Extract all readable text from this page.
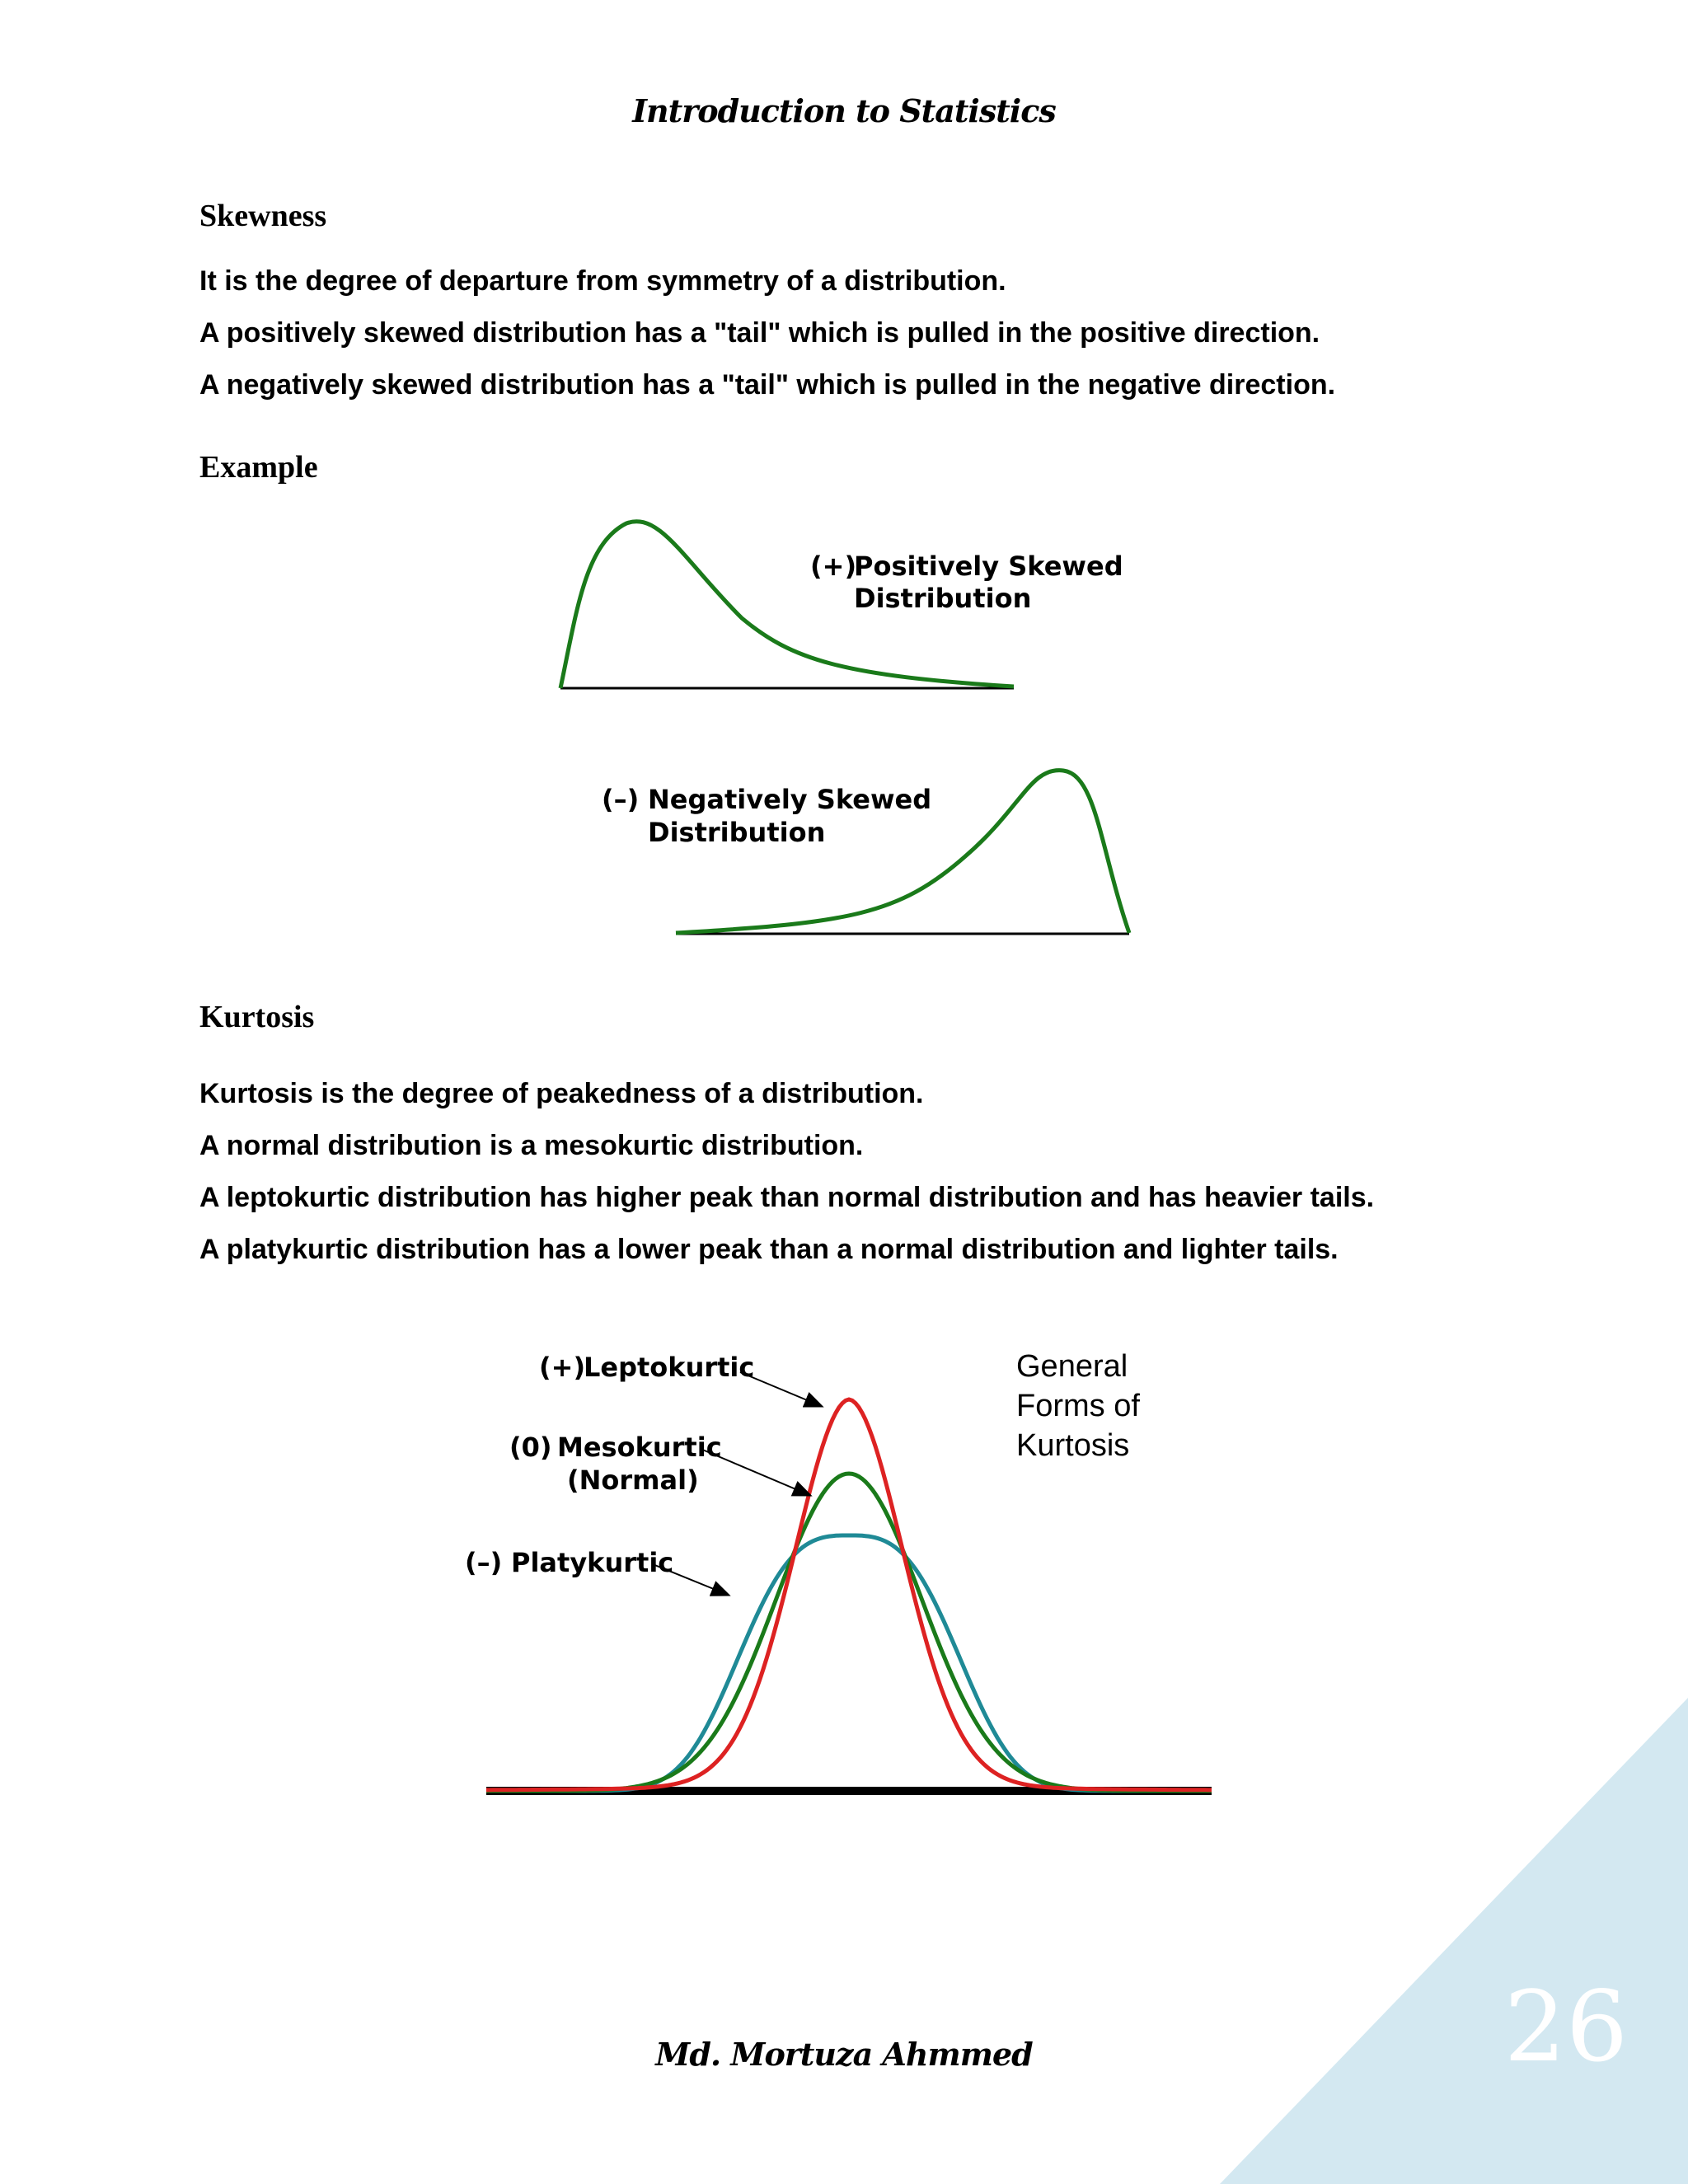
Introduction to Statistics
Skewness
It is the degree of departure from symmetry of a distribution.
A positively skewed distribution has a "tail" which is pulled in the positive direction.
A negatively skewed distribution has a "tail" which is pulled in the negative direction.
Example
(+)
Positively Skewed
Distribution
(–) Negatively Skewed
Distribution
Kurtosis
Kurtosis is the degree of peakedness of a distribution.
A normal distribution is a mesokurtic distribution.
A leptokurtic distribution has higher peak than normal distribution and has heavier tails.
A platykurtic distribution has a lower peak than a normal distribution and lighter tails.
(+)
Leptokurtic
(0) Mesokurtic
(Normal)
(–) Platykurtic
General
Forms of
Kurtosis
Md. Mortuza Ahmmed	26
